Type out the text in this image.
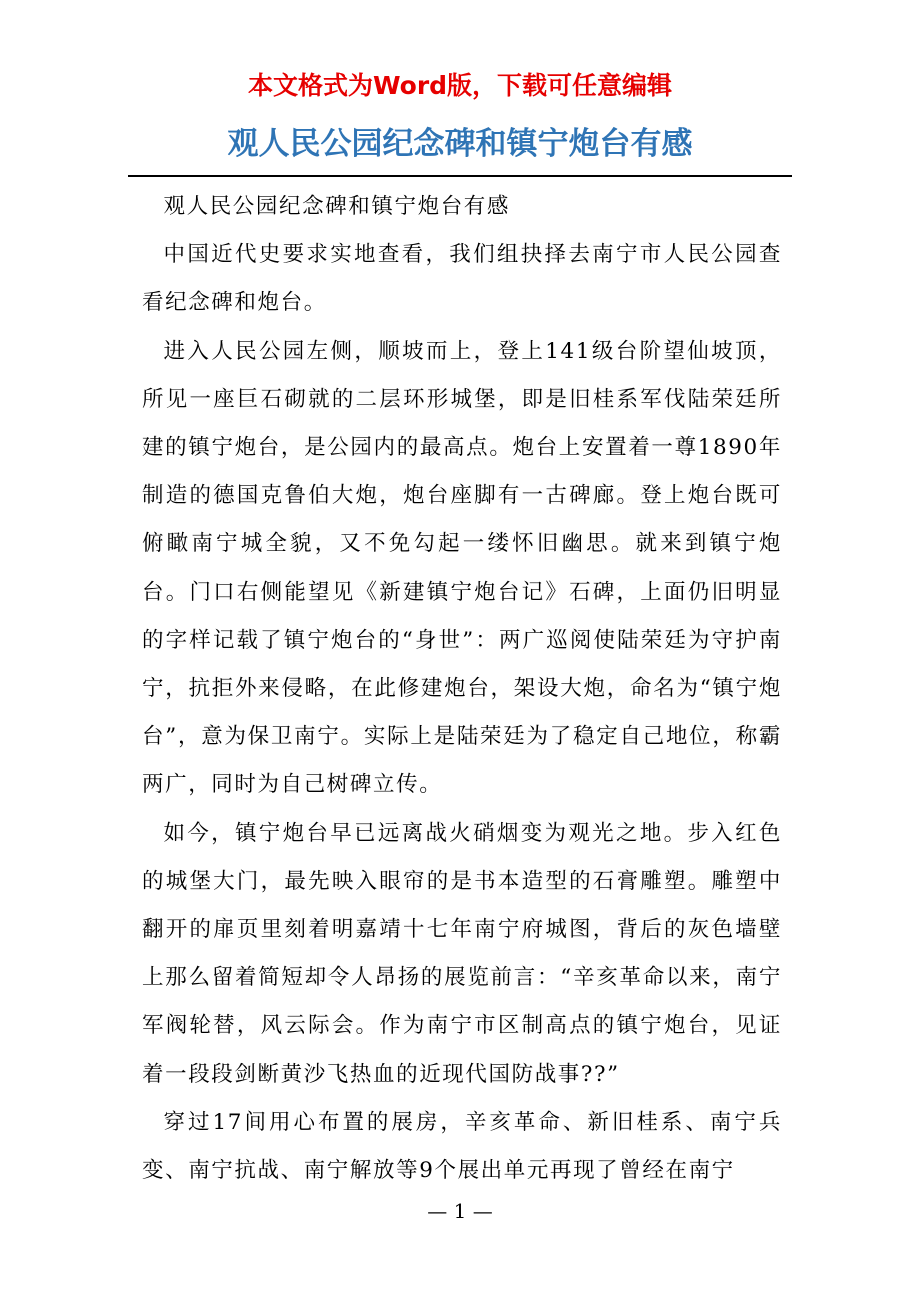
本文格式为Word版，下载可任意编辑
观人民公园纪念碑和镇宁炮台有感

观人民公园纪念碑和镇宁炮台有感

中国近代史要求实地查看，我们组抉择去南宁市人民公园查看纪念碑和炮台。

进入人民公园左侧，顺坡而上，登上141级台阶望仙坡顶，所见一座巨石砌就的二层环形城堡，即是旧桂系军伐陆荣廷所建的镇宁炮台，是公园内的最高点。炮台上安置着一尊1890年制造的德国克鲁伯大炮，炮台座脚有一古碑廊。登上炮台既可俯瞰南宁城全貌，又不免勾起一缕怀旧幽思。就来到镇宁炮台。门口右侧能望见《新建镇宁炮台记》石碑，上面仍旧明显的字样记载了镇宁炮台的“身世”：两广巡阅使陆荣廷为守护南宁，抗拒外来侵略，在此修建炮台，架设大炮，命名为“镇宁炮台”，意为保卫南宁。实际上是陆荣廷为了稳定自己地位，称霸两广，同时为自己树碑立传。

如今，镇宁炮台早已远离战火硝烟变为观光之地。步入红色的城堡大门，最先映入眼帘的是书本造型的石膏雕塑。雕塑中翻开的扉页里刻着明嘉靖十七年南宁府城图，背后的灰色墙壁上那么留着简短却令人昂扬的展览前言：“辛亥革命以来，南宁军阀轮替，风云际会。作为南宁市区制高点的镇宁炮台，见证着一段段剑断黄沙飞热血的近现代国防战事??”

穿过17间用心布置的展房，辛亥革命、新旧桂系、南宁兵变、南宁抗战、南宁解放等9个展出单元再现了曾经在南宁

— 1 —
